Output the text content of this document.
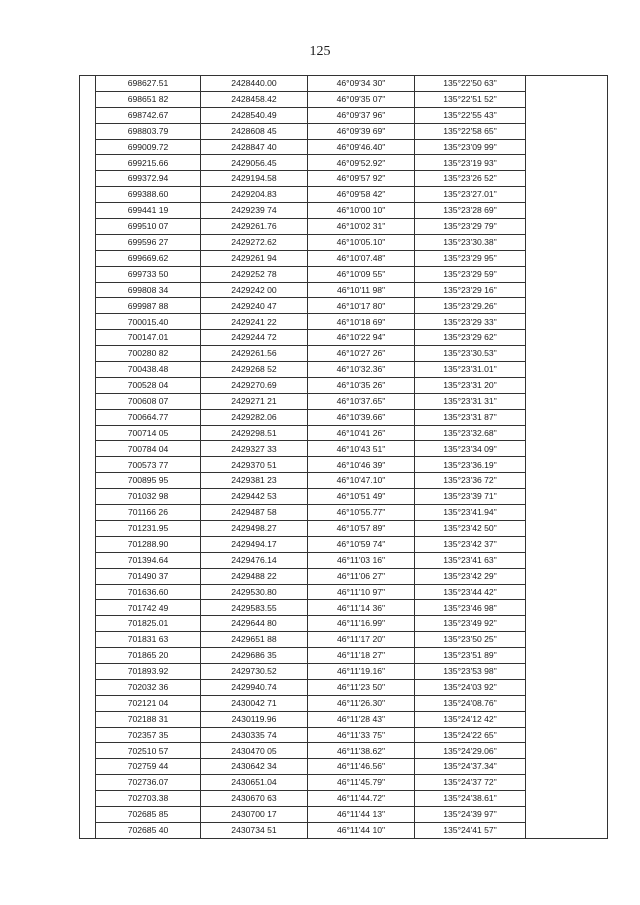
125
	698627.51	2428440.00	46°09'34 30"	135°22'50 63"	
	698651 82	2428458.42	46°09'35 07"	135°22'51 52"	
	698742.67	2428540.49	46°09'37 96"	135°22'55 43"	
	698803.79	2428608 45	46°09'39 69"	135°22'58 65"	
	699009.72	2428847 40	46°09'46.40"	135°23'09 99"	
	699215.66	2429056.45	46°09'52.92"	135°23'19 93"	
	699372.94	2429194.58	46°09'57 92"	135°23'26 52"	
	699388.60	2429204.83	46°09'58 42"	135°23'27.01"	
	699441 19	2429239 74	46°10'00 10"	135°23'28 69"	
	699510 07	2429261.76	46°10'02 31"	135°23'29 79"	
	699596 27	2429272.62	46°10'05.10"	135°23'30.38"	
	699669.62	2429261 94	46°10'07.48"	135°23'29 95"	
	699733 50	2429252 78	46°10'09 55"	135°23'29 59"	
	699808 34	2429242 00	46°10'11 98"	135°23'29 16"	
	699987 88	2429240 47	46°10'17 80"	135°23'29.26"	
	700015.40	2429241 22	46°10'18 69"	135°23'29 33"	
	700147.01	2429244 72	46°10'22 94"	135°23'29 62"	
	700280 82	2429261.56	46°10'27 26"	135°23'30.53"	
	700438.48	2429268 52	46°10'32.36"	135°23'31.01"	
	700528 04	2429270.69	46°10'35 26"	135°23'31 20"	
	700608 07	2429271 21	46°10'37.65"	135°23'31 31"	
	700664.77	2429282.06	46°10'39.66"	135°23'31 87"	
	700714 05	2429298.51	46°10'41 26"	135°23'32.68"	
	700784 04	2429327 33	46°10'43 51"	135°23'34 09"	
	700573 77	2429370 51	46°10'46 39"	135°23'36.19"	
	700895 95	2429381 23	46°10'47.10"	135°23'36 72"	
	701032 98	2429442 53	46°10'51 49"	135°23'39 71"	
	701166 26	2429487 58	46°10'55.77"	135°23'41.94"	
	701231.95	2429498.27	46°10'57 89"	135°23'42 50"	
	701288.90	2429494.17	46°10'59 74"	135°23'42 37"	
	701394.64	2429476.14	46°11'03 16"	135°23'41 63"	
	701490 37	2429488 22	46°11'06 27"	135°23'42 29"	
	701636.60	2429530.80	46°11'10 97"	135°23'44 42"	
	701742 49	2429583.55	46°11'14 36"	135°23'46 98"	
	701825.01	2429644 80	46°11'16.99"	135°23'49 92"	
	701831 63	2429651 88	46°11'17 20"	135°23'50 25"	
	701865 20	2429686 35	46°11'18 27"	135°23'51 89"	
	701893.92	2429730.52	46°11'19.16"	135°23'53 98"	
	702032 36	2429940.74	46°11'23 50"	135°24'03 92"	
	702121 04	2430042 71	46°11'26.30"	135°24'08.76"	
	702188 31	2430119.96	46°11'28 43"	135°24'12 42"	
	702357 35	2430335 74	46°11'33 75"	135°24'22 65"	
	702510 57	2430470 05	46°11'38.62"	135°24'29.06"	
	702759 44	2430642 34	46°11'46.56"	135°24'37.34"	
	702736.07	2430651.04	46°11'45.79"	135°24'37 72"	
	702703.38	2430670 63	46°11'44.72"	135°24'38.61"	
	702685 85	2430700 17	46°11'44 13"	135°24'39 97"	
	702685 40	2430734 51	46°11'44 10"	135°24'41 57"	
